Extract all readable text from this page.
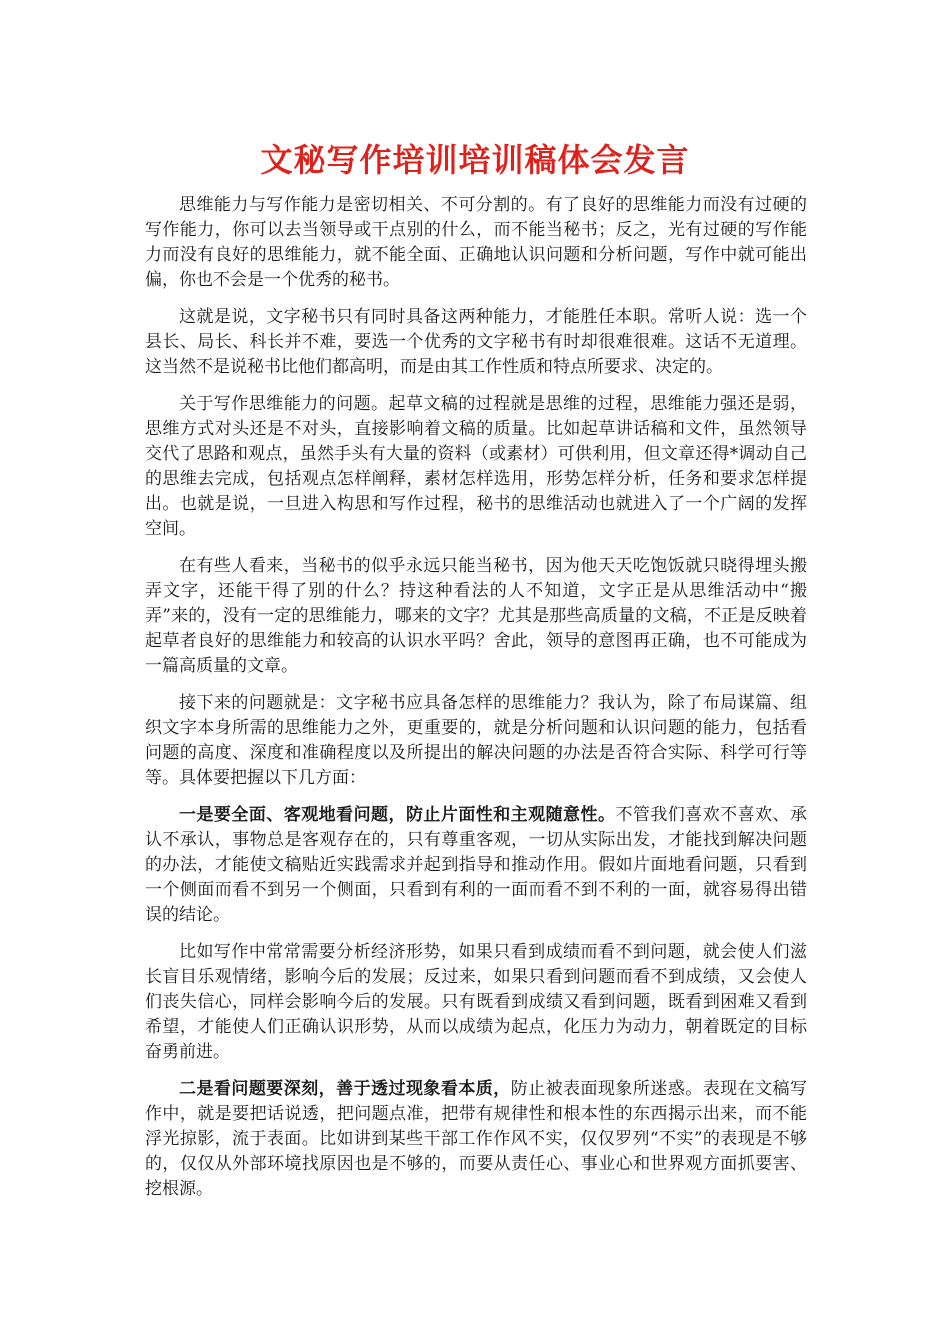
文秘写作培训培训稿体会发言

思维能力与写作能力是密切相关、不可分割的。有了良好的思维能力而没有过硬的写作能力，你可以去当领导或干点别的什么，而不能当秘书；反之，光有过硬的写作能力而没有良好的思维能力，就不能全面、正确地认识问题和分析问题，写作中就可能出偏，你也不会是一个优秀的秘书。

这就是说，文字秘书只有同时具备这两种能力，才能胜任本职。常听人说：选一个县长、局长、科长并不难，要选一个优秀的文字秘书有时却很难很难。这话不无道理。这当然不是说秘书比他们都高明，而是由其工作性质和特点所要求、决定的。

关于写作思维能力的问题。起草文稿的过程就是思维的过程，思维能力强还是弱，思维方式对头还是不对头，直接影响着文稿的质量。比如起草讲话稿和文件，虽然领导交代了思路和观点，虽然手头有大量的资料（或素材）可供利用，但文章还得*调动自己的思维去完成，包括观点怎样阐释，素材怎样选用，形势怎样分析，任务和要求怎样提出。也就是说，一旦进入构思和写作过程，秘书的思维活动也就进入了一个广阔的发挥空间。

在有些人看来，当秘书的似乎永远只能当秘书，因为他天天吃饱饭就只晓得埋头搬弄文字，还能干得了别的什么？持这种看法的人不知道，文字正是从思维活动中“搬弄”来的，没有一定的思维能力，哪来的文字？尤其是那些高质量的文稿，不正是反映着起草者良好的思维能力和较高的认识水平吗？舍此，领导的意图再正确，也不可能成为一篇高质量的文章。

接下来的问题就是：文字秘书应具备怎样的思维能力？我认为，除了布局谋篇、组织文字本身所需的思维能力之外，更重要的，就是分析问题和认识问题的能力，包括看问题的高度、深度和准确程度以及所提出的解决问题的办法是否符合实际、科学可行等等。具体要把握以下几方面：

一是要全面、客观地看问题，防止片面性和主观随意性。不管我们喜欢不喜欢、承认不承认，事物总是客观存在的，只有尊重客观，一切从实际出发，才能找到解决问题的办法，才能使文稿贴近实践需求并起到指导和推动作用。假如片面地看问题，只看到一个侧面而看不到另一个侧面，只看到有利的一面而看不到不利的一面，就容易得出错误的结论。

比如写作中常常需要分析经济形势，如果只看到成绩而看不到问题，就会使人们滋长盲目乐观情绪，影响今后的发展；反过来，如果只看到问题而看不到成绩，又会使人们丧失信心，同样会影响今后的发展。只有既看到成绩又看到问题，既看到困难又看到希望，才能使人们正确认识形势，从而以成绩为起点，化压力为动力，朝着既定的目标奋勇前进。

二是看问题要深刻，善于透过现象看本质，防止被表面现象所迷惑。表现在文稿写作中，就是要把话说透，把问题点准，把带有规律性和根本性的东西揭示出来，而不能浮光掠影，流于表面。比如讲到某些干部工作作风不实，仅仅罗列“不实”的表现是不够的，仅仅从外部环境找原因也是不够的，而要从责任心、事业心和世界观方面抓要害、挖根源。
